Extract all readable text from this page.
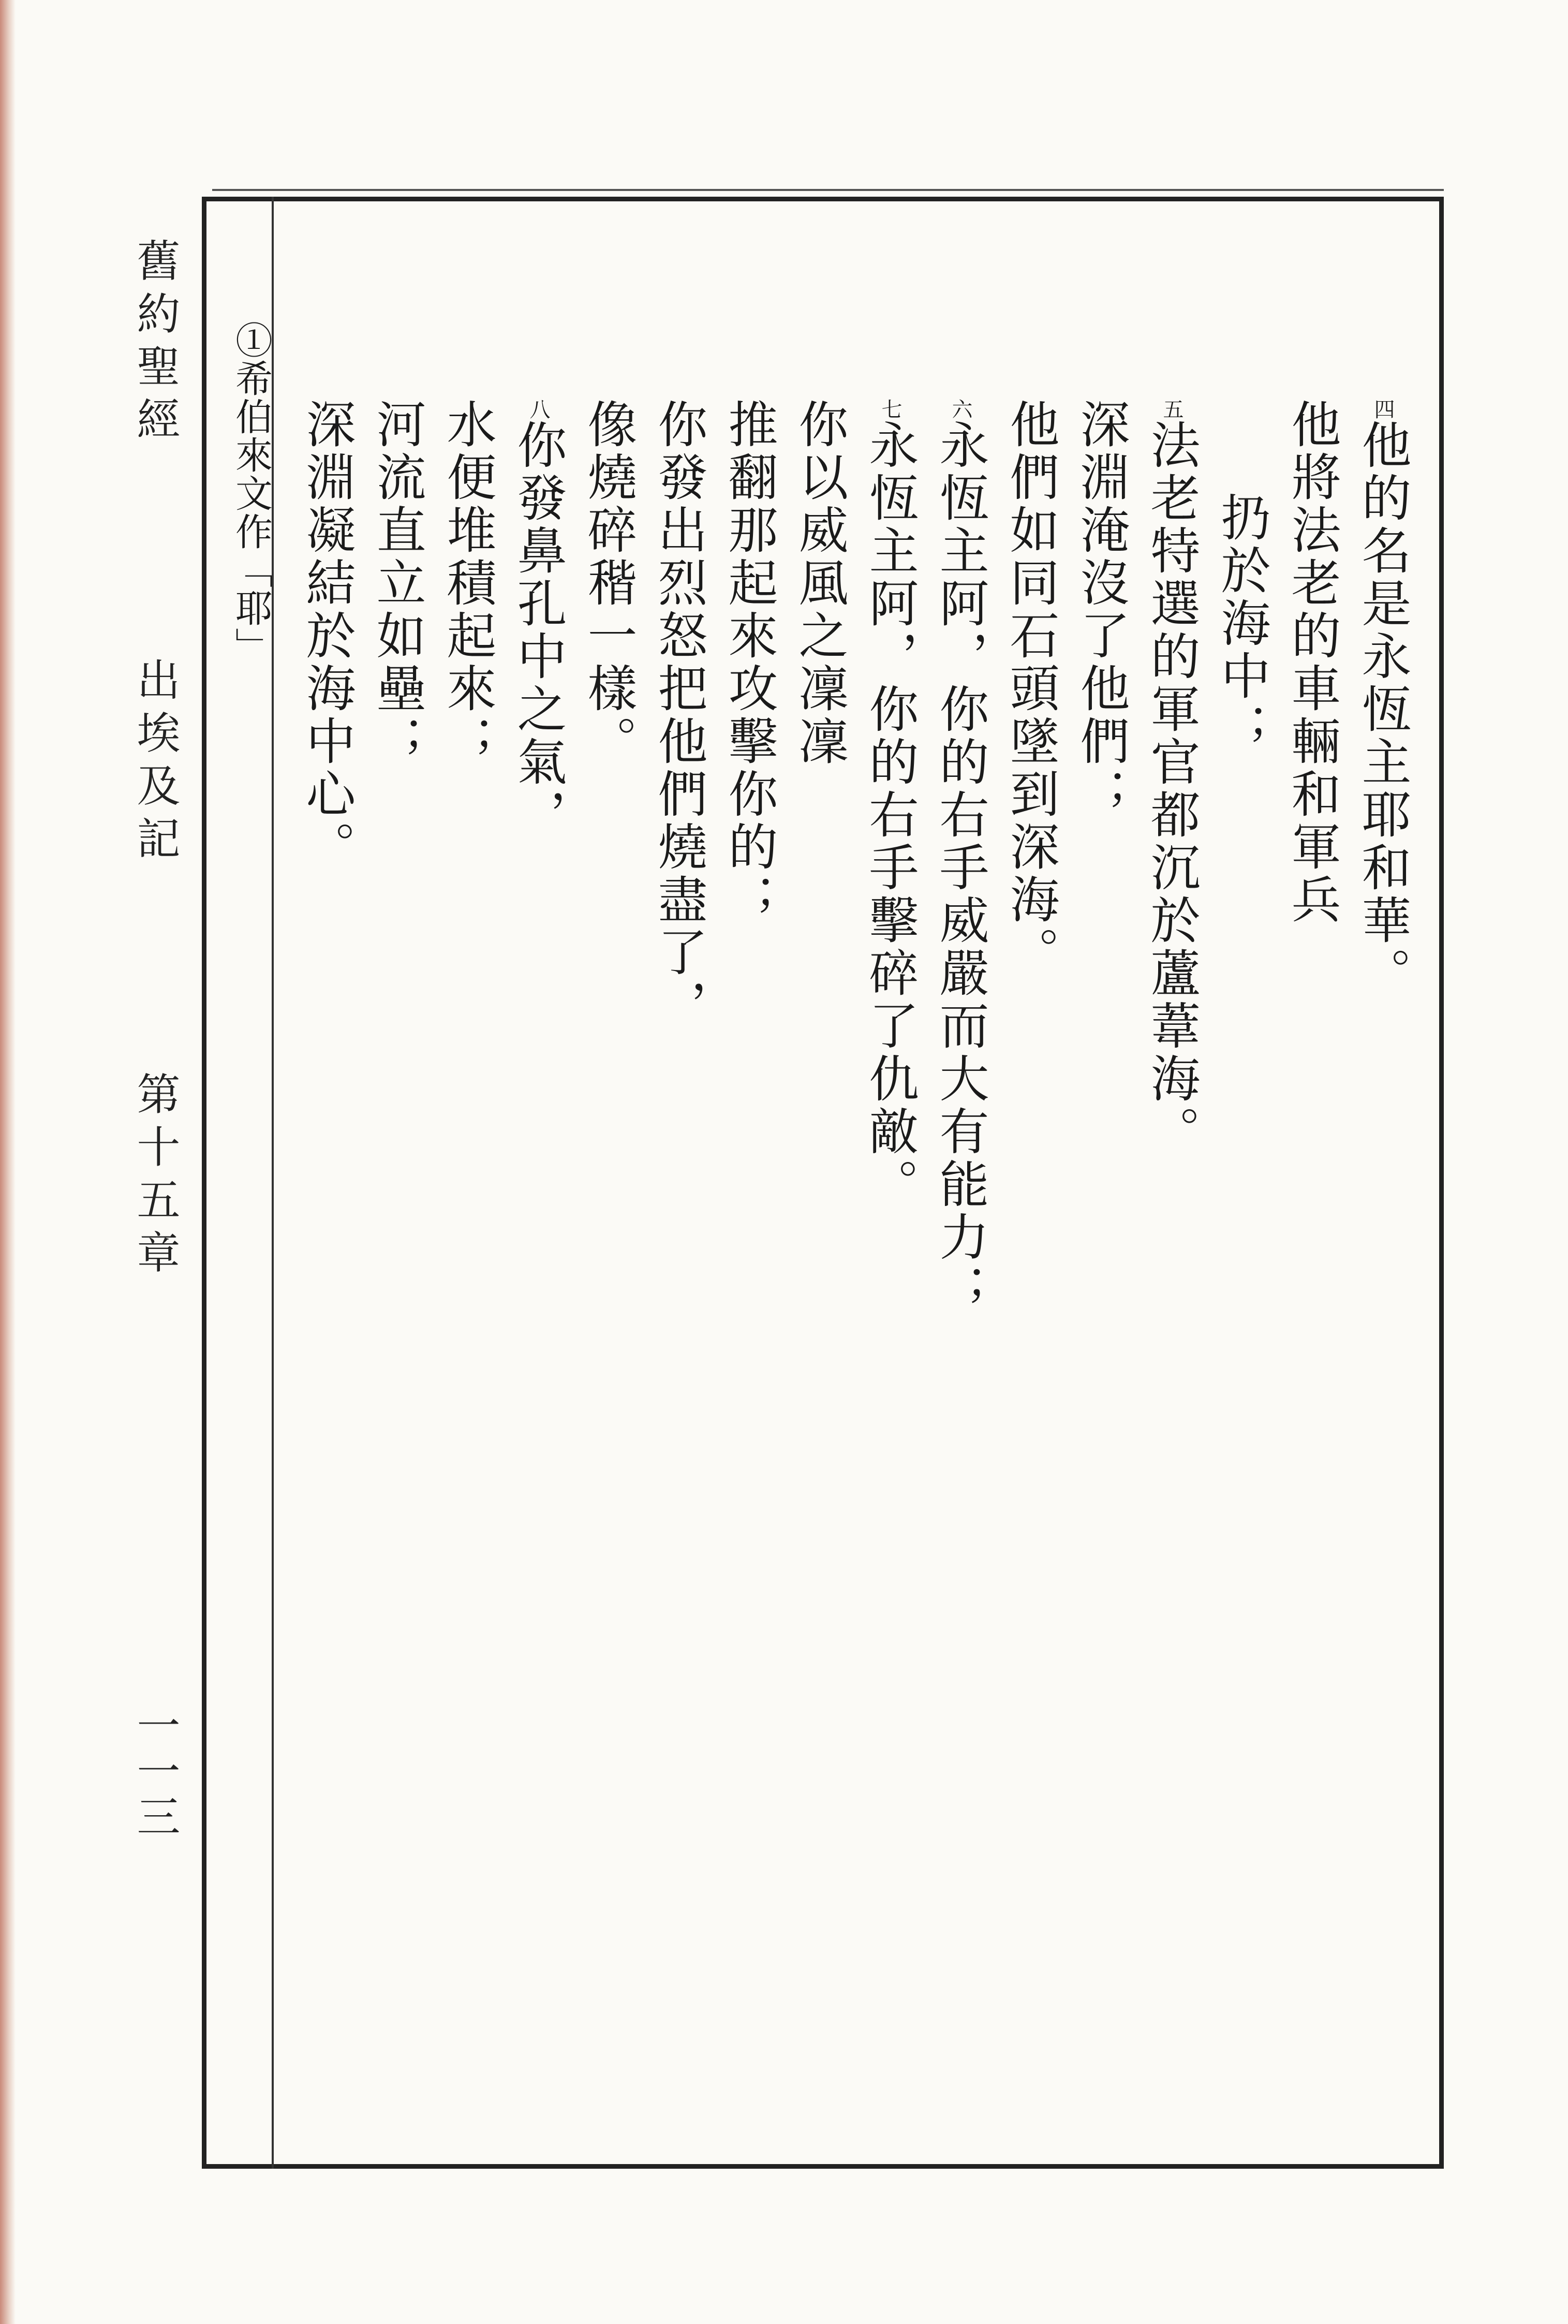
舊約聖經
出埃及記
第十五章
一一三
$^四$他的名是永恆主耶和華。
他將法老的車輛和軍兵
扔於海中；
$^五$法老特選的軍官都沉於蘆葦海。
深淵淹沒了他們；
他們如同石頭墜到深海。
$^六$永恆主阿，你的右手威嚴而大有能力；
$^七$永恆主阿，你的右手擊碎了仇敵。
你以威風之凜凜
推翻那起來攻擊你的；
你發出烈怒把他們燒盡了，
像燒碎稭一樣。
$^八$你發鼻孔中之氣，
水便堆積起來；
河流直立如壘；
深淵凝結於海中心。
①希伯來文作「耶」
